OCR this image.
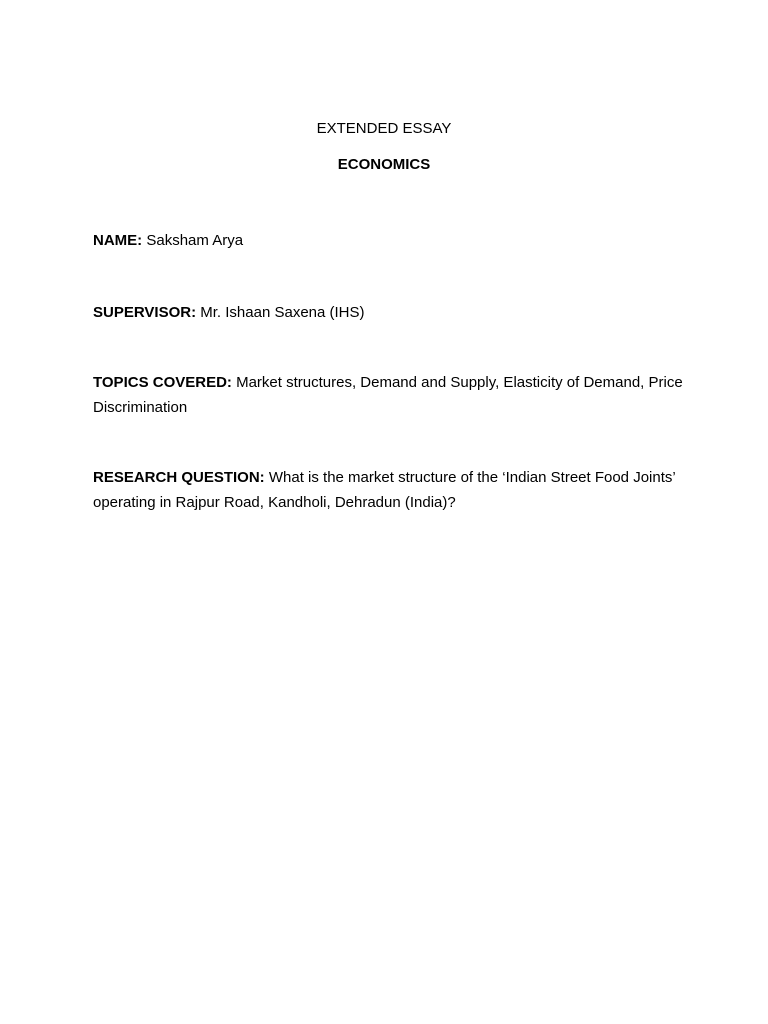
EXTENDED ESSAY
ECONOMICS
NAME: Saksham Arya
SUPERVISOR: Mr. Ishaan Saxena (IHS)
TOPICS COVERED: Market structures, Demand and Supply, Elasticity of Demand, Price Discrimination
RESEARCH QUESTION: What is the market structure of the ‘Indian Street Food Joints’ operating in Rajpur Road, Kandholi, Dehradun (India)?
